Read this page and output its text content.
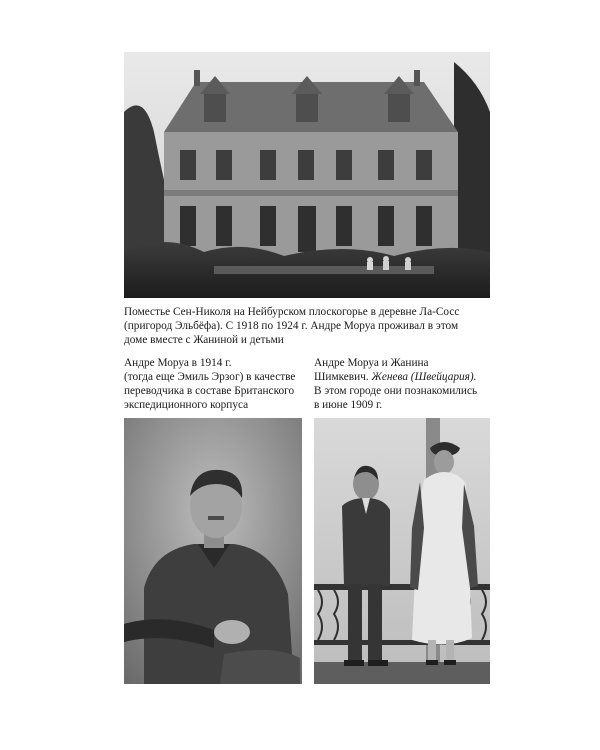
Поместье Сен-Николя на Нейбурском плоскогорье в деревне Ла-Сосс
(пригород Эльбёфа). С 1918 по 1924 г. Андре Моруа проживал в этом
доме вместе с Жаниной и детьми
Андре Моруа в 1914 г.
(тогда еще Эмиль Эрзог) в качестве
переводчика в составе Британского
экспедиционного корпуса
Андре Моруа и Жанина
Шимкевич. Женева (Швейцария).
В этом городе они познакомились
в июне 1909 г.
